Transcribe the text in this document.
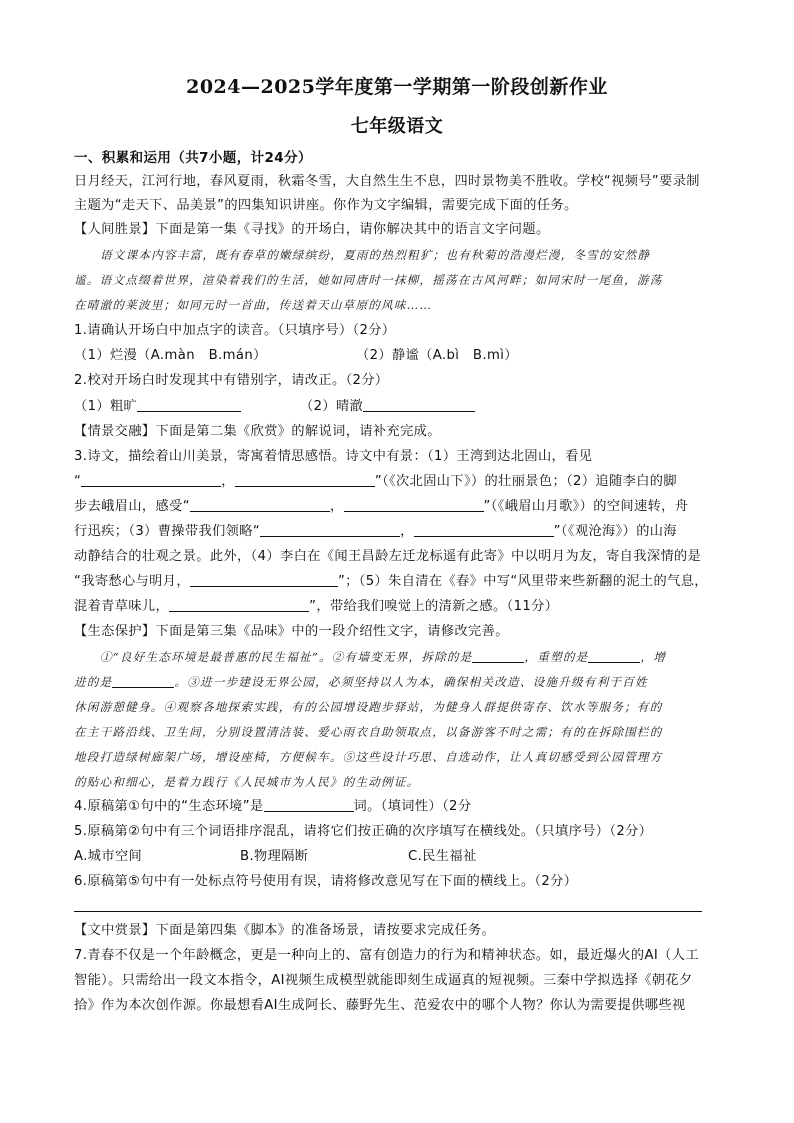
2024—2025学年度第一学期第一阶段创新作业
七年级语文
一、积累和运用（共7小题，计24分）
日月经天，江河行地，春风夏雨，秋霜冬雪，大自然生生不息，四时景物美不胜收。学校“视频号”要录制
主题为“走天下、品美景”的四集知识讲座。你作为文字编辑，需要完成下面的任务。
【人间胜景】下面是第一集《寻找》的开场白，请你解决其中的语言文字问题。
语文课本内容丰富，既有春草的嫩绿缤纷，夏雨的热烈粗犷；也有秋菊的浩漫烂漫，冬雪的安然静
谧。语文点缀着世界，渲染着我们的生活，她如同唐时一抹柳，摇荡在古风河畔；如同宋时一尾鱼，游荡
在晴澈的莱波里；如同元时一首曲，传送着天山草原的风味……
1.请确认开场白中加点字的读音。（只填序号）（2分）
（1）烂漫（A.màn　B.mán）	（2）静谧（A.bì　B.mì）
2.校对开场白时发现其中有错别字，请改正。（2分）
（1）粗旷	（2）晴澈
【情景交融】下面是第二集《欣赏》的解说词，请补充完成。
3.诗文，描绘着山川美景，寄寓着情思感悟。诗文中有景：（1）王湾到达北固山，看见
“	，	”（《次北固山下》）的壮丽景色；（2）追随李白的脚
步去峨眉山，感受“	，	”（《峨眉山月歌》）的空间速转，舟
行迅疾；（3）曹操带我们领略“	，	”（《观沧海》）的山海
动静结合的壮观之景。此外，（4）李白在《闻王昌龄左迁龙标遥有此寄》中以明月为友，寄自我深情的是
“我寄愁心与明月，	”；（5）朱自清在《春》中写“风里带来些新翻的泥土的气息，
混着青草味儿，	”，带给我们嗅觉上的清新之感。（11分）
【生态保护】下面是第三集《品味》中的一段介绍性文字，请修改完善。
①“良好生态环境是最普惠的民生福祉”。②有墙变无界，拆除的是	，重塑的是	，增
进的是	。③进一步建设无界公园，必须坚持以人为本，确保相关改造、设施升级有利于百姓
休闲游憩健身。④观察各地探索实践，有的公园增设跑步驿站，为健身人群提供寄存、饮水等服务；有的
在主干路沿线、卫生间，分别设置清洁装、爱心雨衣自助领取点，以备游客不时之需；有的在拆除围栏的
地段打造绿树廊架广场，增设座椅，方便候车。⑤这些设计巧思、自选动作，让人真切感受到公园管理方
的贴心和细心，是着力践行《人民城市为人民》的生动例证。
4.原稿第①句中的“生态环境”是	词。（填词性）（2分
5.原稿第②句中有三个词语排序混乱，请将它们按正确的次序填写在横线处。（只填序号）（2分）
A.城市空间	B.物理隔断	C.民生福祉
6.原稿第⑤句中有一处标点符号使用有误，请将修改意见写在下面的横线上。（2分）
【文中赏景】下面是第四集《脚本》的准备场景，请按要求完成任务。
7.青春不仅是一个年龄概念，更是一种向上的、富有创造力的行为和精神状态。如，最近爆火的AI（人工
智能）。只需给出一段文本指令，AI视频生成模型就能即刻生成逼真的短视频。三秦中学拟选择《朝花夕
拾》作为本次创作源。你最想看AI生成阿长、藤野先生、范爱农中的哪个人物？你认为需要提供哪些视
